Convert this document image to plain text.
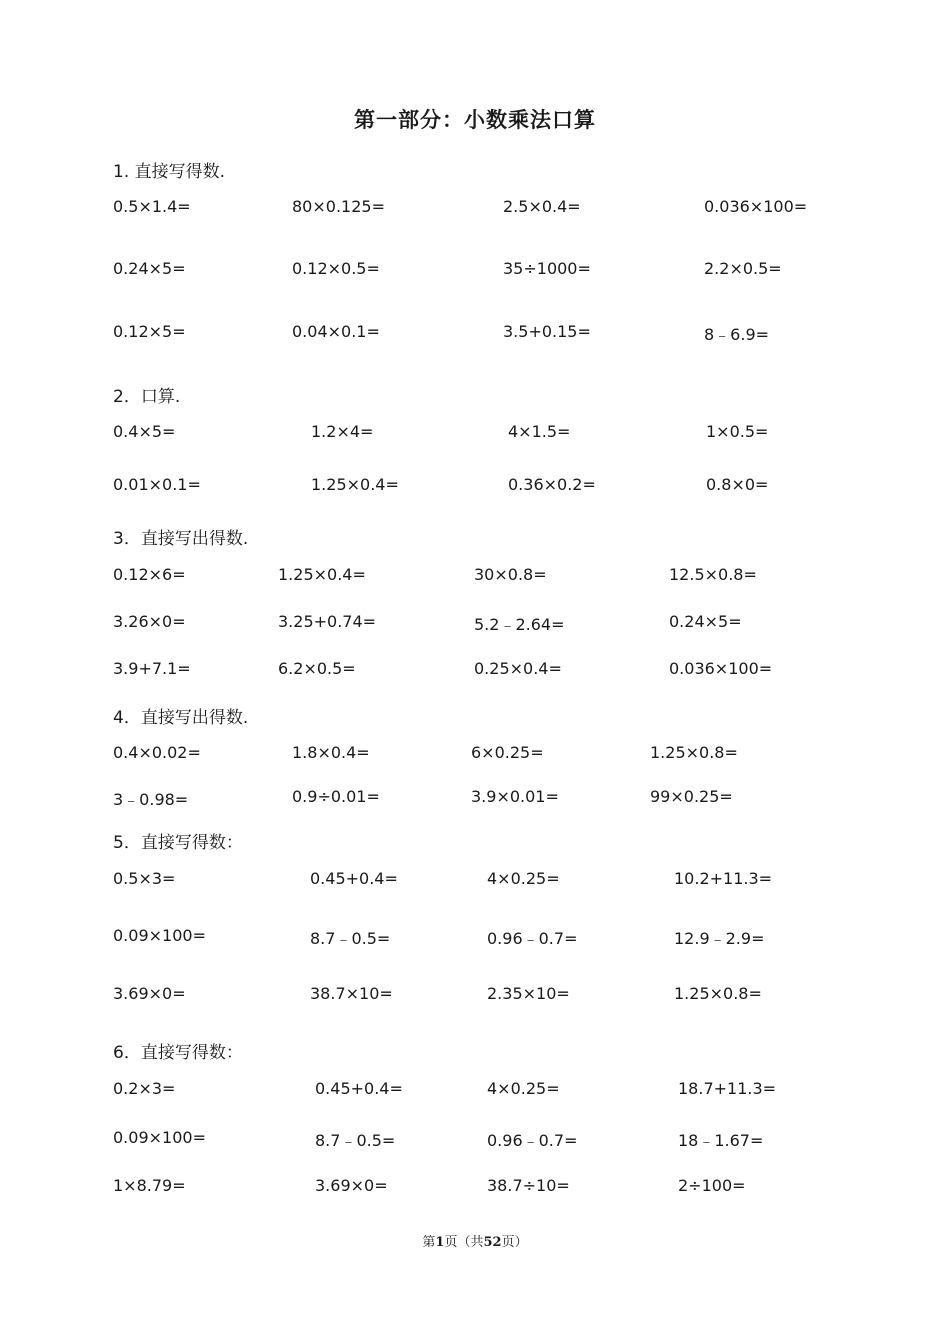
第一部分：小数乘法口算
1. 直接写得数.
0.5×1.4=	80×0.125=	2.5×0.4=	0.036×100=
0.24×5=	0.12×0.5=	35÷1000=	2.2×0.5=
0.12×5=	0.04×0.1=	3.5+0.15=	8﹣6.9=
2．口算.
0.4×5=	1.2×4=	4×1.5=	1×0.5=
0.01×0.1=	1.25×0.4=	0.36×0.2=	0.8×0=
3．直接写出得数.
0.12×6=	1.25×0.4=	30×0.8=	12.5×0.8=
3.26×0=	3.25+0.74=	5.2﹣2.64=	0.24×5=
3.9+7.1=	6.2×0.5=	0.25×0.4=	0.036×100=
4．直接写出得数.
0.4×0.02=	1.8×0.4=	6×0.25=	1.25×0.8=
3﹣0.98=	0.9÷0.01=	3.9×0.01=	99×0.25=
5．直接写得数：
0.5×3=	0.45+0.4=	4×0.25=	10.2+11.3=
0.09×100=	8.7﹣0.5=	0.96﹣0.7=	12.9﹣2.9=
3.69×0=	38.7×10=	2.35×10=	1.25×0.8=
6．直接写得数：
0.2×3=	0.45+0.4=	4×0.25=	18.7+11.3=
0.09×100=	8.7﹣0.5=	0.96﹣0.7=	18﹣1.67=
1×8.79=	3.69×0=	38.7÷10=	2÷100=
第1页（共52页）
